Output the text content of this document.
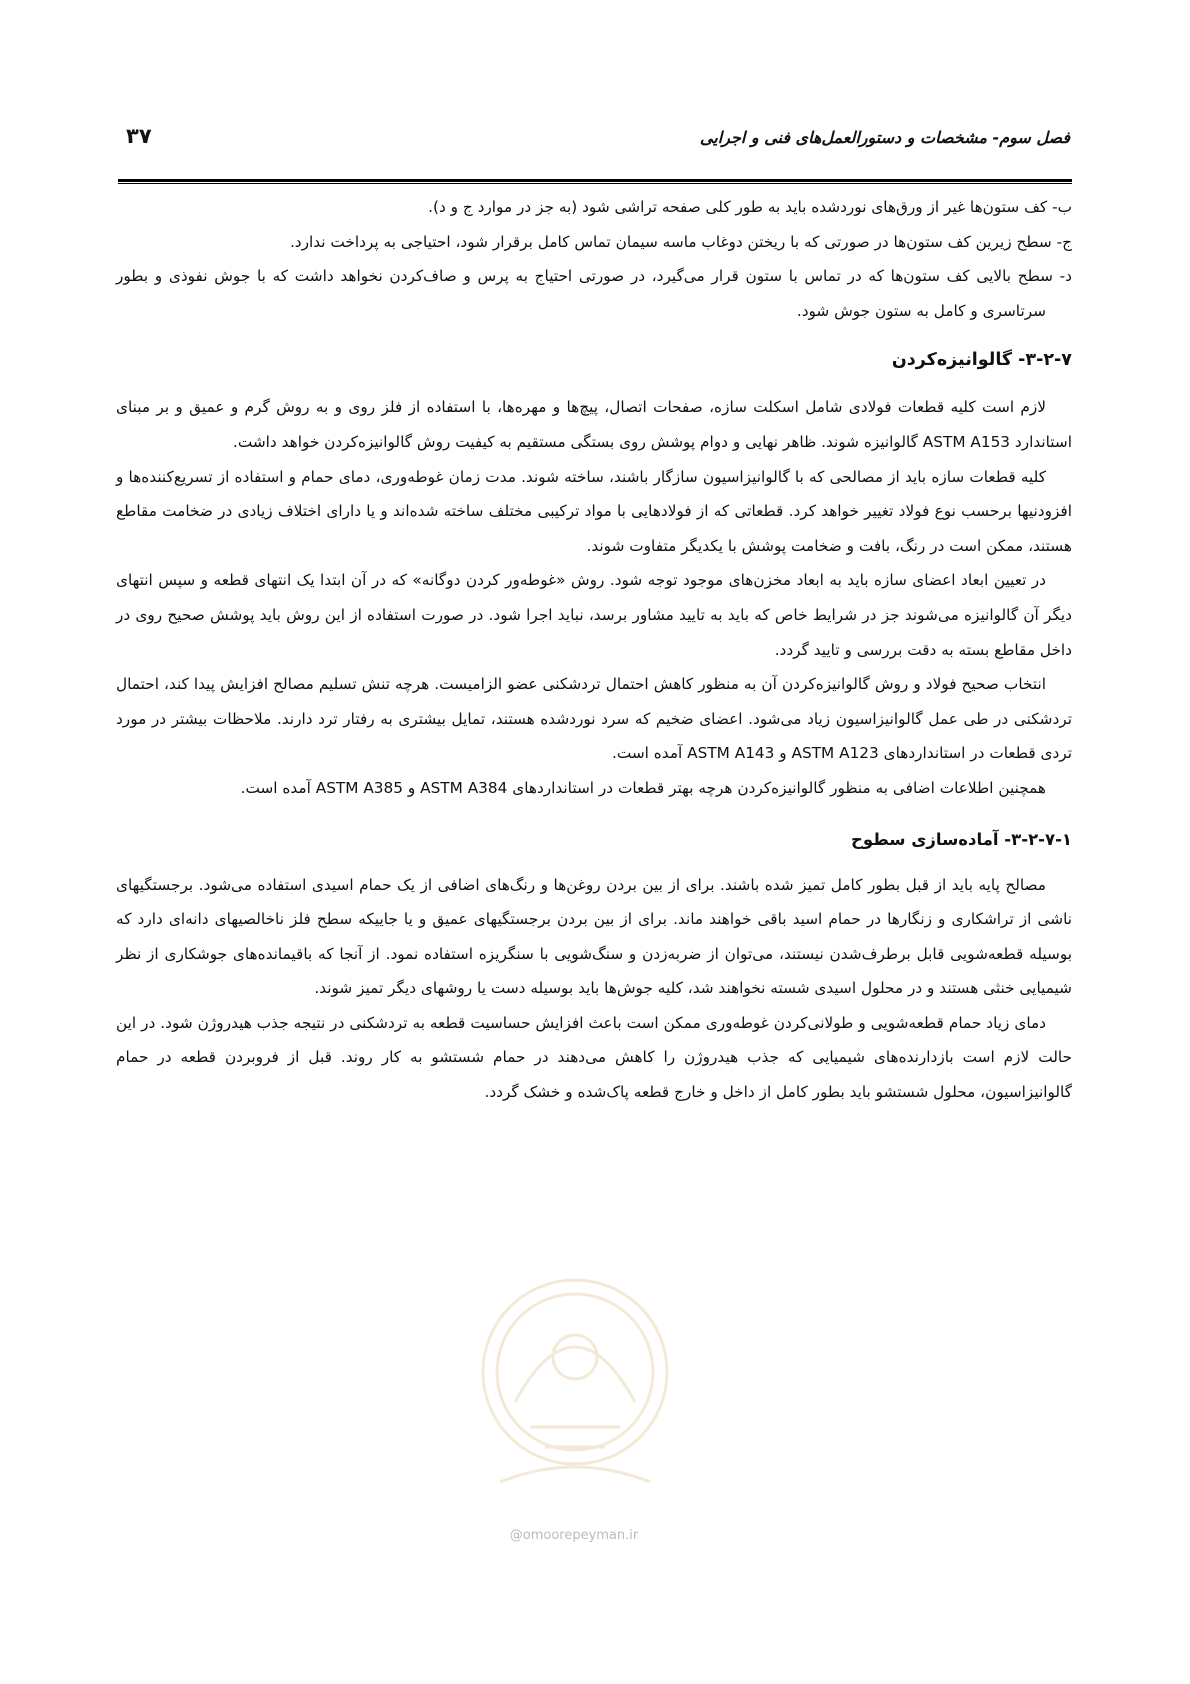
فصل سوم- مشخصات و دستورالعمل‌های فنی و اجرایی
۳۷

ب- کف ستون‌ها غیر از ورق‌های نوردشده باید به طور کلی صفحه تراشی شود (به جز در موارد ج و د).

ج- سطح زیرین کف ستون‌ها در صورتی که با ریختن دوغاب ماسه سیمان تماس کامل برقرار شود، احتیاجی به پرداخت ندارد.

د- سطح بالایی کف ستون‌ها که در تماس با ستون قرار می‌گیرد، در صورتی احتیاج به پرس و صاف‌کردن نخواهد داشت که با جوش نفوذی و بطور سرتاسری و کامل به ستون جوش شود.

۳-۲-۷- گالوانیزه‌کردن

لازم است کلیه قطعات فولادی شامل اسکلت سازه، صفحات اتصال، پیچ‌ها و مهره‌ها، با استفاده از فلز روی و به روش گرم و عمیق و بر مبنای استاندارد ASTM A153 گالوانیزه شوند. ظاهر نهایی و دوام پوشش روی بستگی مستقیم به کیفیت روش گالوانیزه‌کردن خواهد داشت.

کلیه قطعات سازه باید از مصالحی که با گالوانیزاسیون سازگار باشند، ساخته شوند. مدت زمان غوطه‌وری، دمای حمام و استفاده از تسریع‌کننده‌ها و افزودنیها برحسب نوع فولاد تغییر خواهد کرد. قطعاتی که از فولادهایی با مواد ترکیبی مختلف ساخته شده‌اند و یا دارای اختلاف زیادی در ضخامت مقاطع هستند، ممکن است در رنگ، بافت و ضخامت پوشش با یکدیگر متفاوت شوند.

در تعیین ابعاد اعضای سازه باید به ابعاد مخزن‌های موجود توجه شود. روش «غوطه‌ور کردن دوگانه» که در آن ابتدا یک انتهای قطعه و سپس انتهای دیگر آن گالوانیزه می‌شوند جز در شرایط خاص که باید به تایید مشاور برسد، نباید اجرا شود. در صورت استفاده از این روش باید پوشش صحیح روی در داخل مقاطع بسته به دقت بررسی و تایید گردد.

انتخاب صحیح فولاد و روش گالوانیزه‌کردن آن به منظور کاهش احتمال تردشکنی عضو الزامیست. هرچه تنش تسلیم مصالح افزایش پیدا کند، احتمال تردشکنی در طی عمل گالوانیزاسیون زیاد می‌شود. اعضای ضخیم که سرد نوردشده هستند، تمایل بیشتری به رفتار ترد دارند. ملاحظات بیشتر در مورد تردی قطعات در استانداردهای ASTM A123 و ASTM A143 آمده است.

همچنین اطلاعات اضافی به منظور گالوانیزه‌کردن هرچه بهتر قطعات در استانداردهای ASTM A384 و ASTM A385 آمده است.

۳-۲-۷-۱- آماده‌سازی سطوح

مصالح پایه باید از قبل بطور کامل تمیز شده باشند. برای از بین بردن روغن‌ها و رنگ‌های اضافی از یک حمام اسیدی استفاده می‌شود. برجستگیهای ناشی از تراشکاری و زنگارها در حمام اسید باقی خواهند ماند. برای از بین بردن برجستگیهای عمیق و یا جاییکه سطح فلز ناخالصیهای دانه‌ای دارد که بوسیله قطعه‌شویی قابل برطرف‌شدن نیستند، می‌توان از ضربه‌زدن و سنگ‌شویی با سنگریزه استفاده نمود. از آنجا که باقیمانده‌های جوشکاری از نظر شیمیایی خنثی هستند و در محلول اسیدی شسته نخواهند شد، کلیه جوش‌ها باید بوسیله دست یا روشهای دیگر تمیز شوند.

دمای زیاد حمام قطعه‌شویی و طولانی‌کردن غوطه‌وری ممکن است باعث افزایش حساسیت قطعه به تردشکنی در نتیجه جذب هیدروژن شود. در این حالت لازم است بازدارنده‌های شیمیایی که جذب هیدروژن را کاهش می‌دهند در حمام شستشو به کار روند. قبل از فروبردن قطعه در حمام گالوانیزاسیون، محلول شستشو باید بطور کامل از داخل و خارج قطعه پاک‌شده و خشک گردد.

@omoorepeyman.ir
